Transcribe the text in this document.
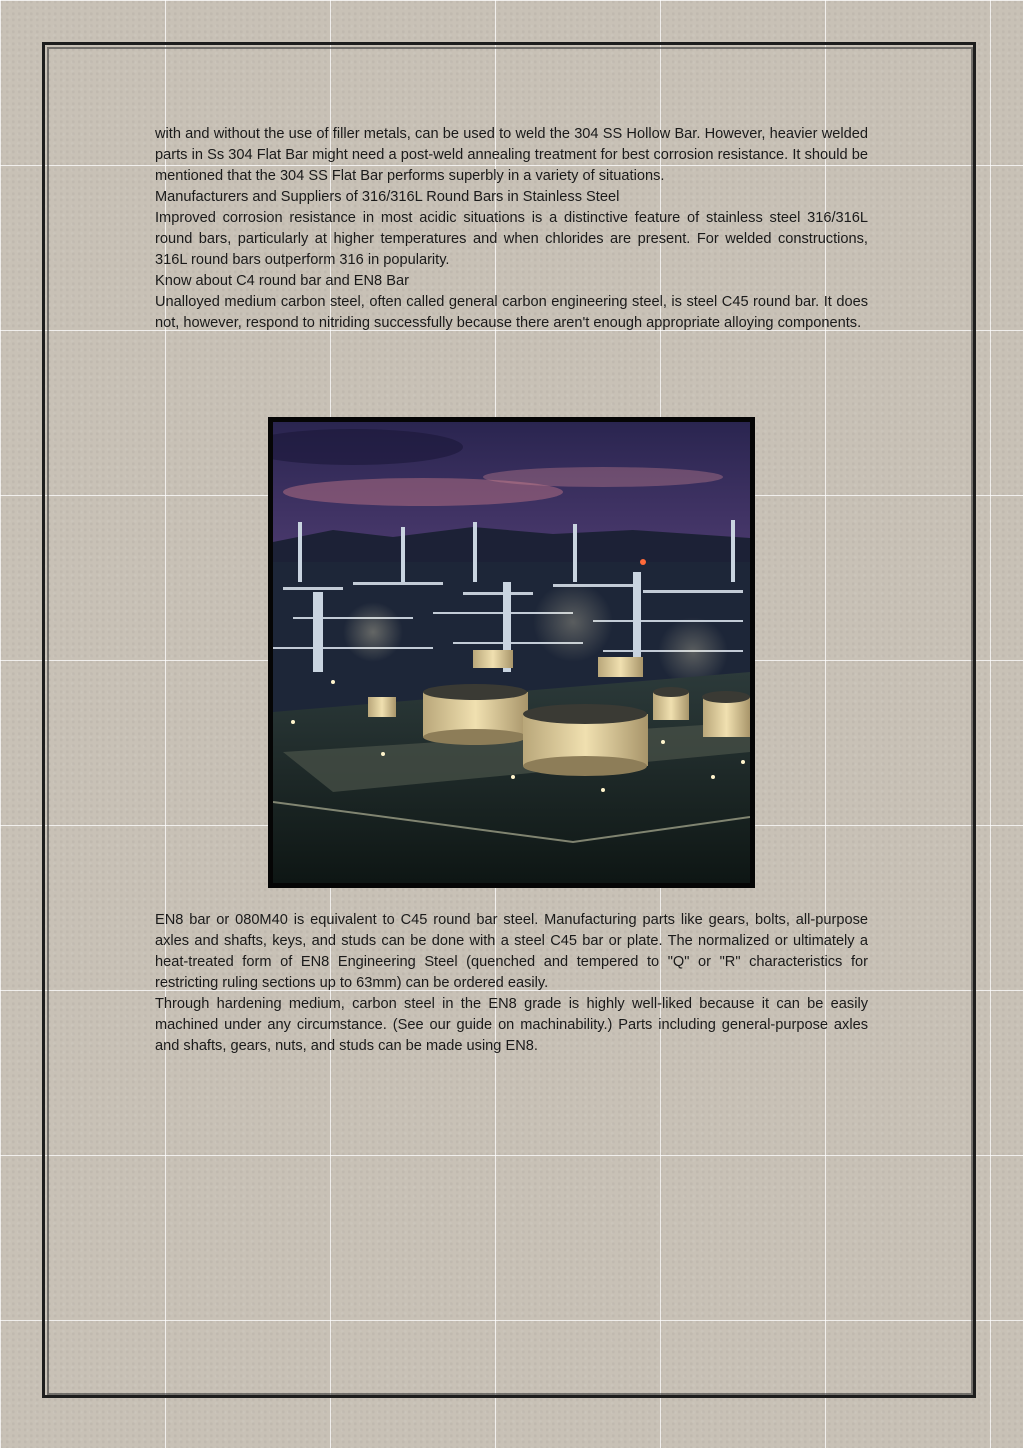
with and without the use of filler metals, can be used to weld the 304 SS Hollow Bar. However, heavier welded parts in Ss 304 Flat Bar might need a post-weld annealing treatment for best corrosion resistance. It should be mentioned that the 304 SS Flat Bar performs superbly in a variety of situations.

Manufacturers and Suppliers of 316/316L Round Bars in Stainless Steel

Improved corrosion resistance in most acidic situations is a distinctive feature of stainless steel 316/316L round bars, particularly at higher temperatures and when chlorides are present. For welded constructions, 316L round bars outperform 316 in popularity.

Know about C4 round bar and EN8 Bar

Unalloyed medium carbon steel, often called general carbon engineering steel, is steel C45 round bar. It does not, however, respond to nitriding successfully because there aren't enough appropriate alloying components.

EN8 bar or 080M40 is equivalent to C45 round bar steel. Manufacturing parts like gears, bolts, all-purpose axles and shafts, keys, and studs can be done with a steel C45 bar or plate. The normalized or ultimately a heat-treated form of EN8 Engineering Steel (quenched and tempered to "Q" or "R" characteristics for restricting ruling sections up to 63mm) can be ordered easily.

Through hardening medium, carbon steel in the EN8 grade is highly well-liked because it can be easily machined under any circumstance. (See our guide on machinability.) Parts including general-purpose axles and shafts, gears, nuts, and studs can be made using EN8.
